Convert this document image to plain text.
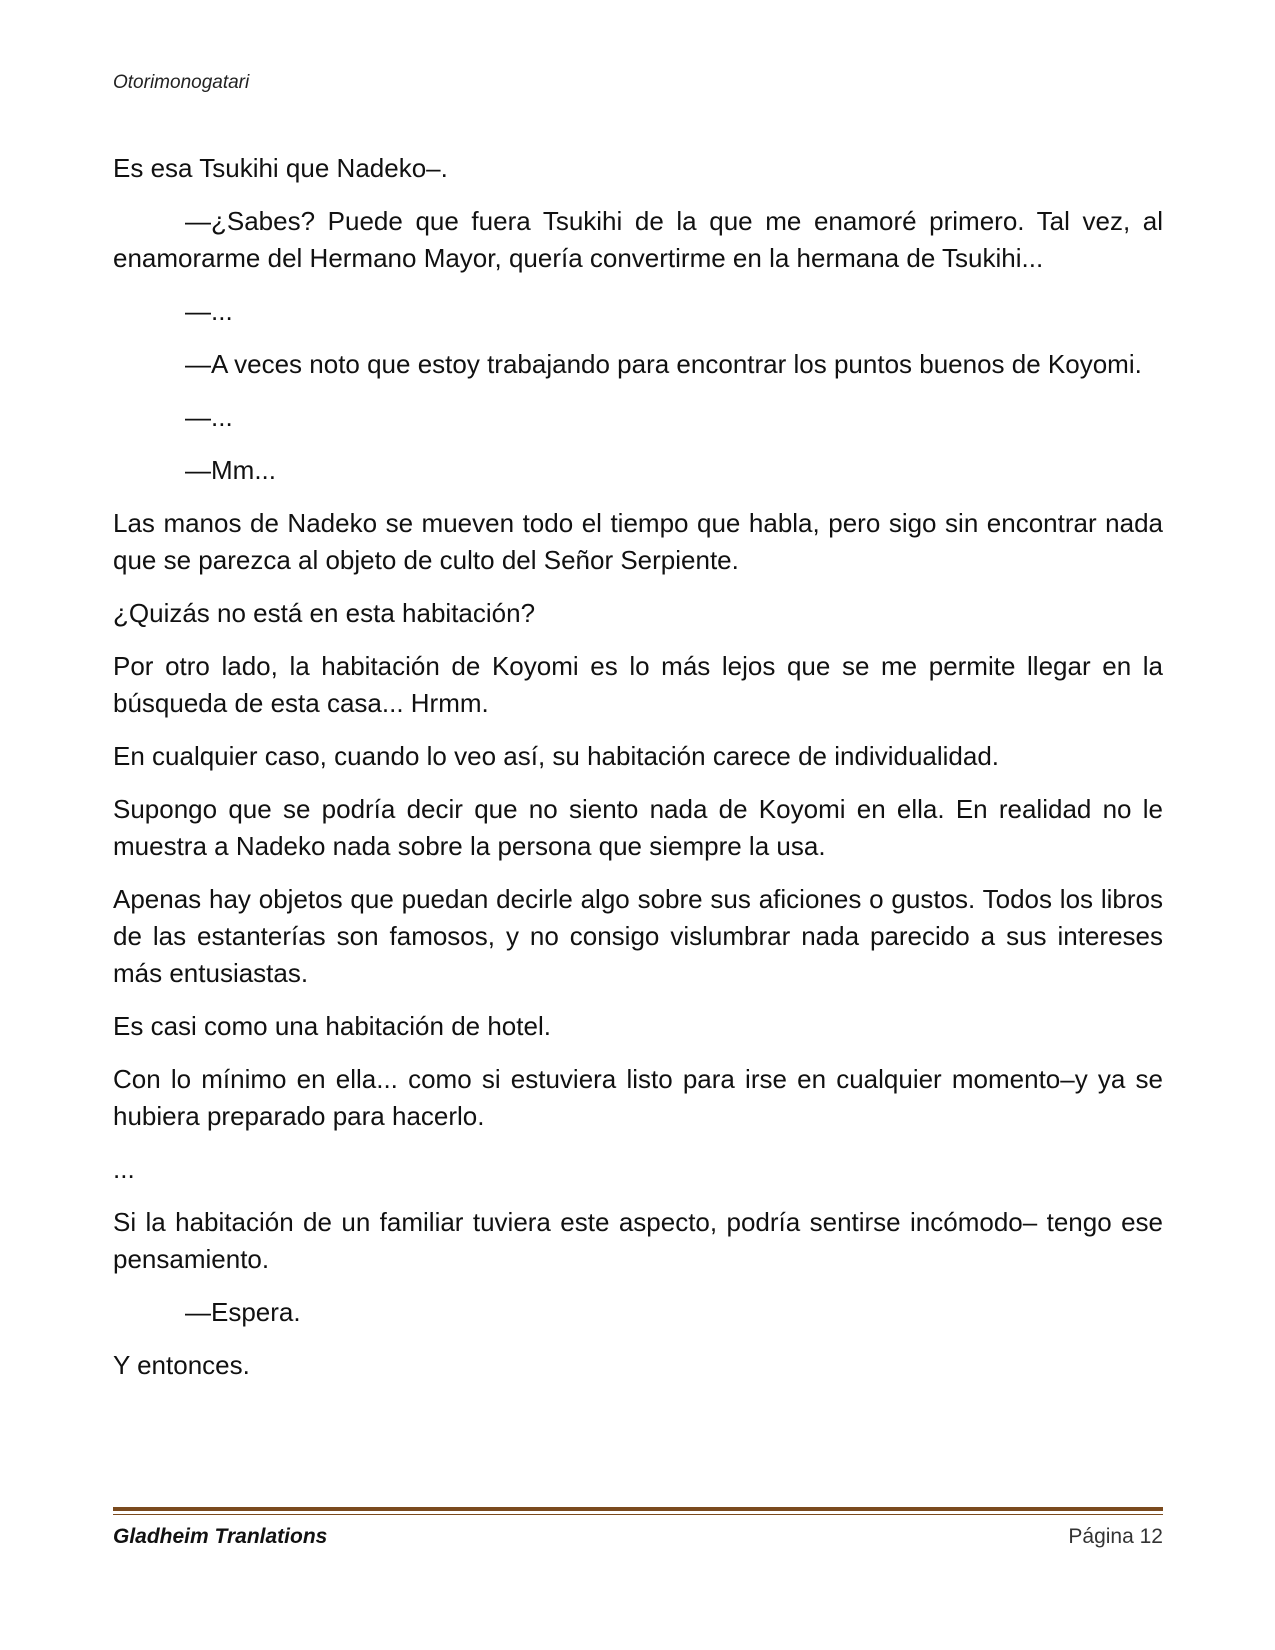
Otorimonogatari

Es esa Tsukihi que Nadeko–.

—¿Sabes? Puede que fuera Tsukihi de la que me enamoré primero. Tal vez, al enamorarme del Hermano Mayor, quería convertirme en la hermana de Tsukihi...

—...

—A veces noto que estoy trabajando para encontrar los puntos buenos de Koyomi.

—...

—Mm...

Las manos de Nadeko se mueven todo el tiempo que habla, pero sigo sin encontrar nada que se parezca al objeto de culto del Señor Serpiente.

¿Quizás no está en esta habitación?

Por otro lado, la habitación de Koyomi es lo más lejos que se me permite llegar en la búsqueda de esta casa... Hrmm.

En cualquier caso, cuando lo veo así, su habitación carece de individualidad.

Supongo que se podría decir que no siento nada de Koyomi en ella. En realidad no le muestra a Nadeko nada sobre la persona que siempre la usa.

Apenas hay objetos que puedan decirle algo sobre sus aficiones o gustos. Todos los libros de las estanterías son famosos, y no consigo vislumbrar nada parecido a sus intereses más entusiastas.

Es casi como una habitación de hotel.

Con lo mínimo en ella... como si estuviera listo para irse en cualquier momento–y ya se hubiera preparado para hacerlo.

...

Si la habitación de un familiar tuviera este aspecto, podría sentirse incómodo– tengo ese pensamiento.

—Espera.

Y entonces.

Gladheim Tranlations	Página 12
